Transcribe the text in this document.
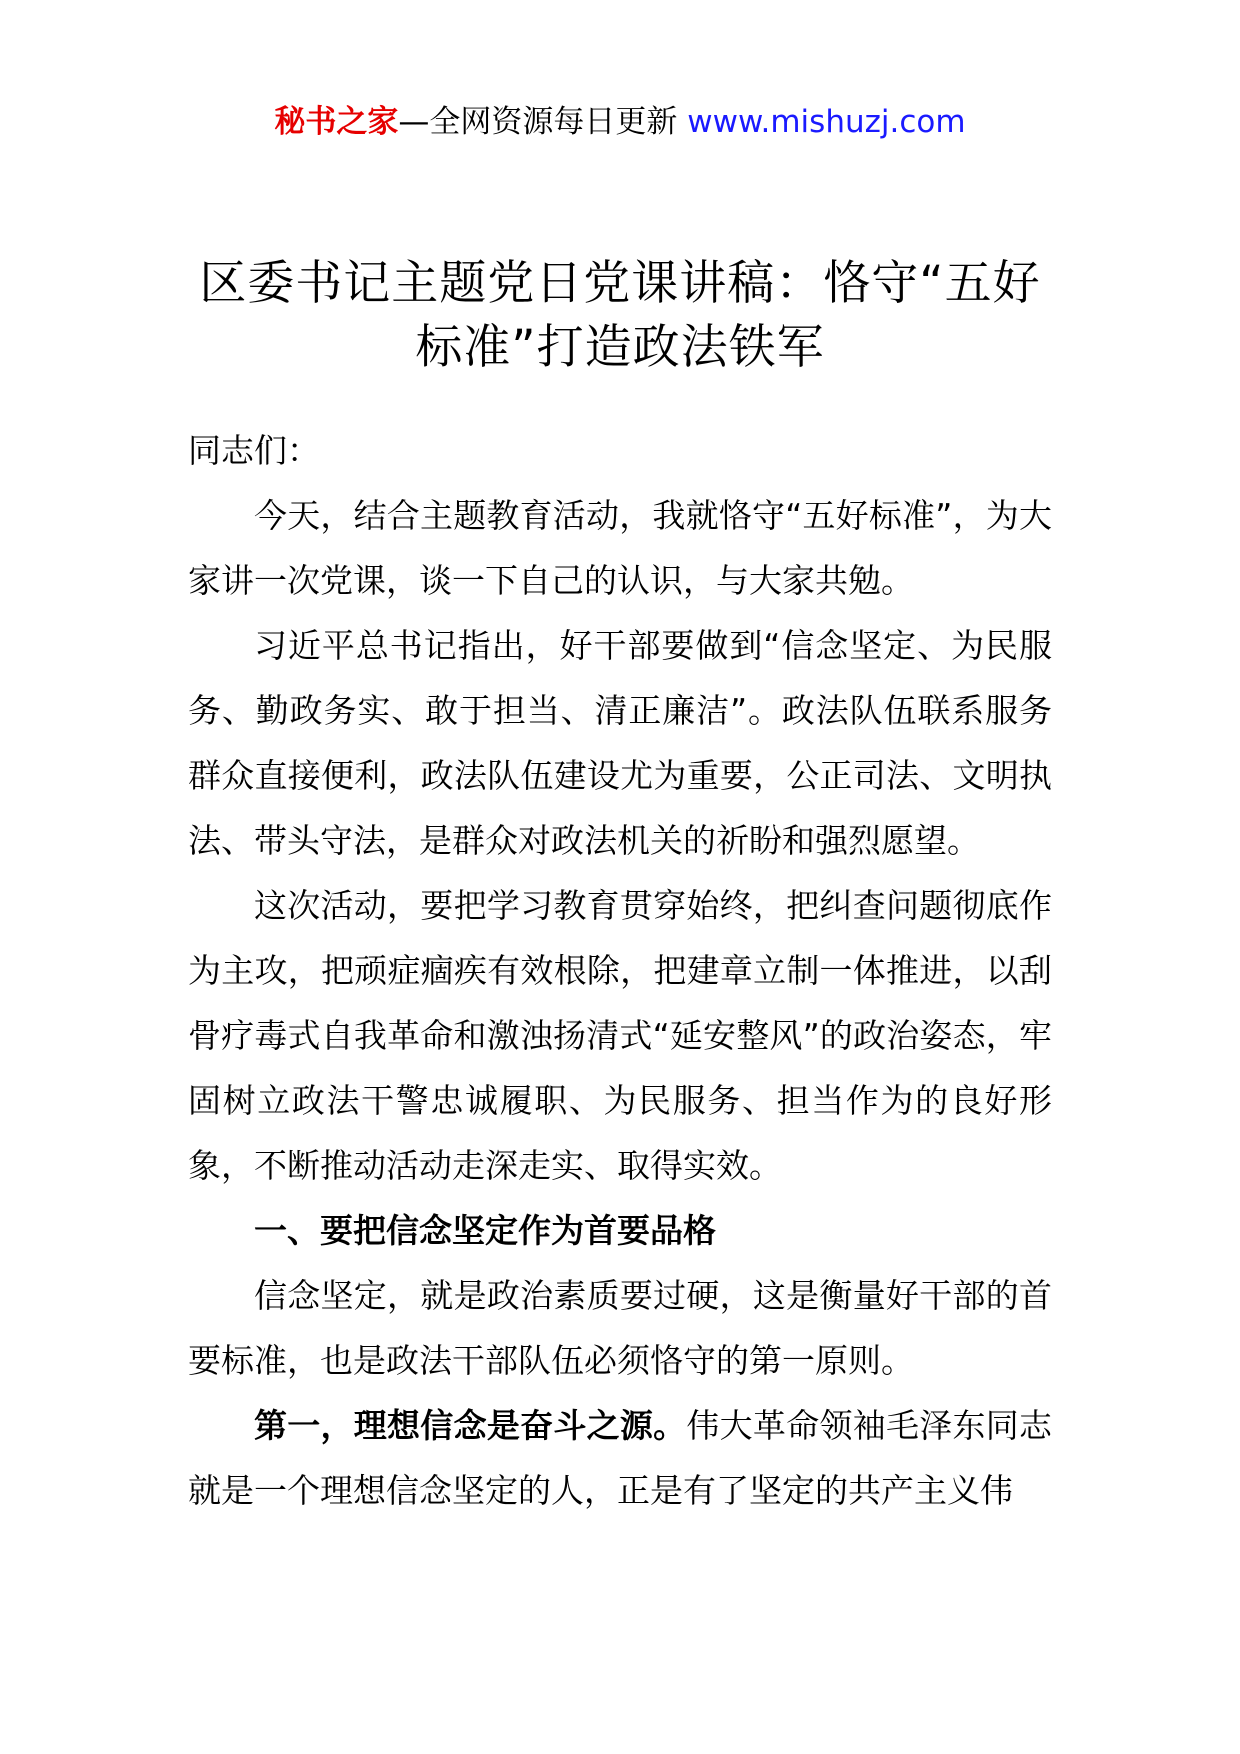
秘书之家—全网资源每日更新 www.mishuzj.com
区委书记主题党日党课讲稿：恪守“五好标准”打造政法铁军

同志们：

今天，结合主题教育活动，我就恪守“五好标准”，为大家讲一次党课，谈一下自己的认识，与大家共勉。

习近平总书记指出，好干部要做到“信念坚定、为民服务、勤政务实、敢于担当、清正廉洁”。政法队伍联系服务群众直接便利，政法队伍建设尤为重要，公正司法、文明执法、带头守法，是群众对政法机关的祈盼和强烈愿望。

这次活动，要把学习教育贯穿始终，把纠查问题彻底作为主攻，把顽症痼疾有效根除，把建章立制一体推进，以刮骨疗毒式自我革命和激浊扬清式“延安整风”的政治姿态，牢固树立政法干警忠诚履职、为民服务、担当作为的良好形象，不断推动活动走深走实、取得实效。

一、要把信念坚定作为首要品格

信念坚定，就是政治素质要过硬，这是衡量好干部的首要标准，也是政法干部队伍必须恪守的第一原则。

第一，理想信念是奋斗之源。伟大革命领袖毛泽东同志就是一个理想信念坚定的人，正是有了坚定的共产主义伟
